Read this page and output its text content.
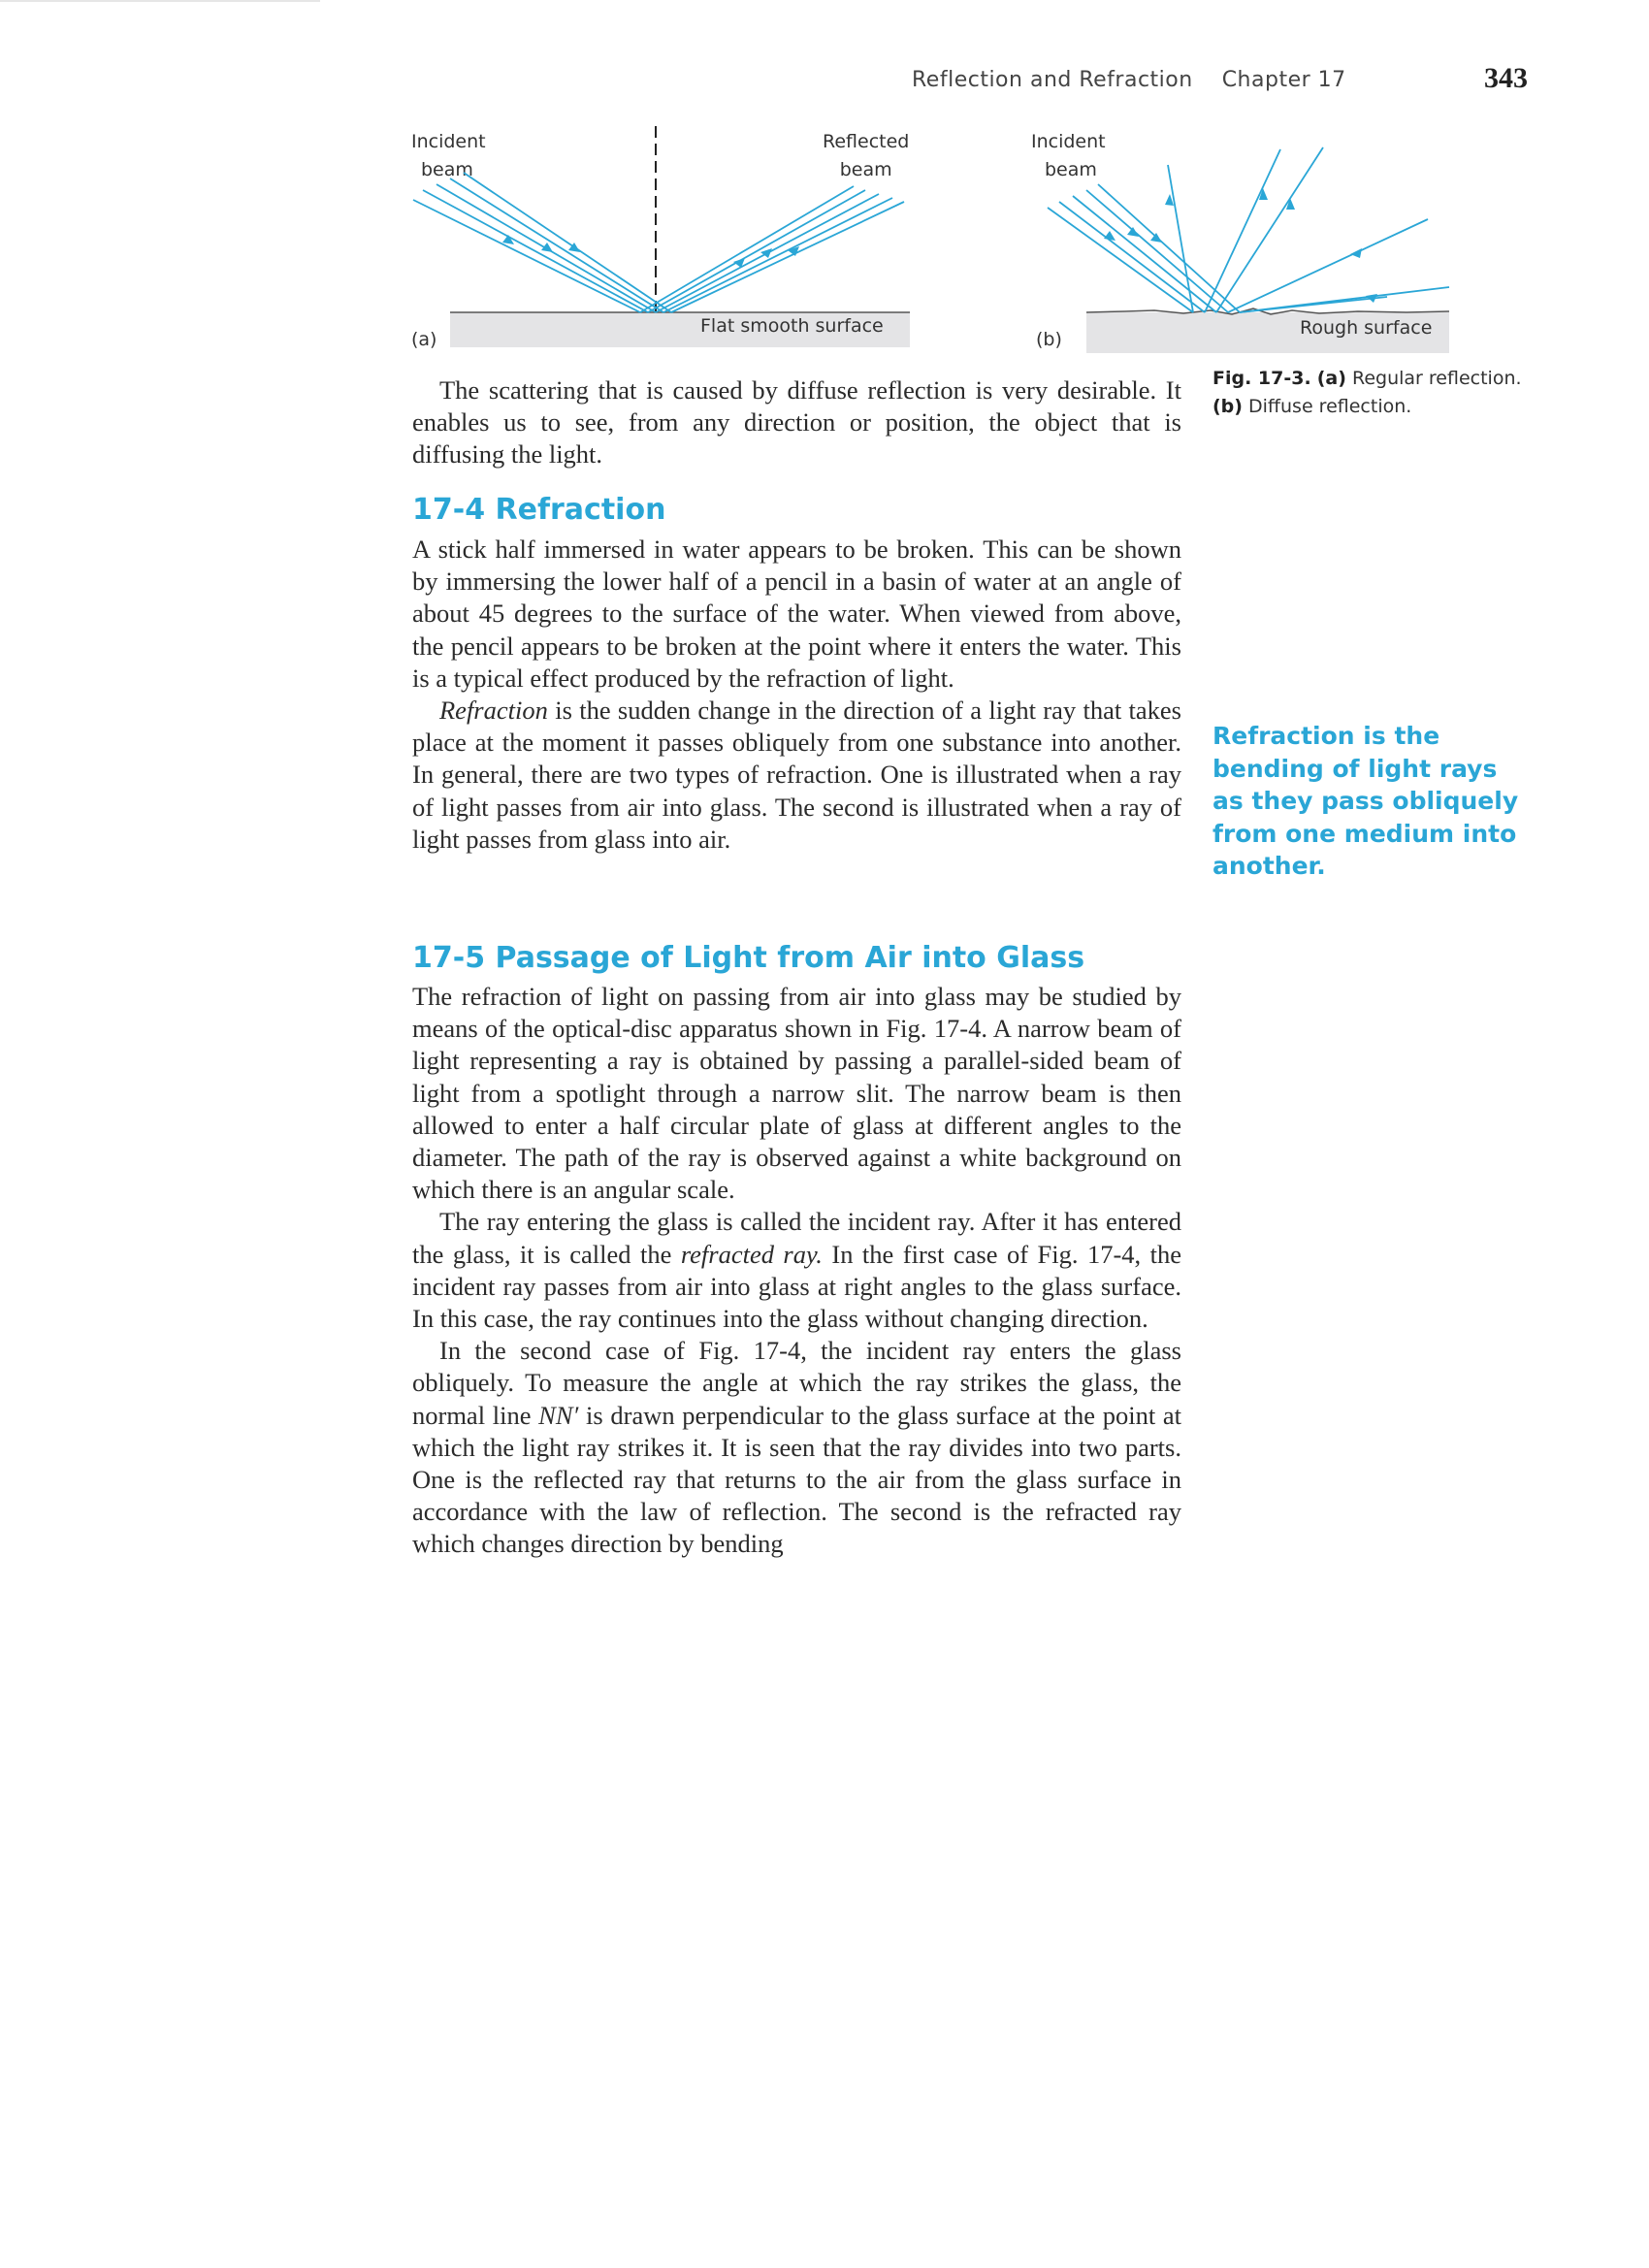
Reflection and Refraction Chapter 17	343
Incident
beam
Reflected
beam
(a)
Flat smooth surface
Incident
beam
(b)
Rough surface
Fig. 17-3. (a) Regular reflection.
(b) Diffuse reflection.

The scattering that is caused by diffuse reflection is very desirable. It enables us to see, from any direction or position, the object that is diffusing the light.

17-4 Refraction

A stick half immersed in water appears to be broken. This can be shown by immersing the lower half of a pencil in a basin of water at an angle of about 45 degrees to the surface of the water. When viewed from above, the pencil appears to be broken at the point where it enters the water. This is a typical effect produced by the refraction of light.

Refraction is the sudden change in the direction of a light ray that takes place at the moment it passes obliquely from one substance into another. In general, there are two types of refraction. One is illustrated when a ray of light passes from air into glass. The second is illustrated when a ray of light passes from glass into air.

Refraction is the bending of light rays as they pass obliquely from one medium into another.
17-5 Passage of Light from Air into Glass

The refraction of light on passing from air into glass may be studied by means of the optical-disc apparatus shown in Fig. 17-4. A narrow beam of light representing a ray is obtained by passing a parallel-sided beam of light from a spotlight through a narrow slit. The narrow beam is then allowed to enter a half circular plate of glass at different angles to the diameter. The path of the ray is observed against a white background on which there is an angular scale.

The ray entering the glass is called the incident ray. After it has entered the glass, it is called the refracted ray. In the first case of Fig. 17-4, the incident ray passes from air into glass at right angles to the glass surface. In this case, the ray continues into the glass without changing direction.

In the second case of Fig. 17-4, the incident ray enters the glass obliquely. To measure the angle at which the ray strikes the glass, the normal line NN′ is drawn perpendicular to the glass surface at the point at which the light ray strikes it. It is seen that the ray divides into two parts. One is the reflected ray that returns to the air from the glass surface in accordance with the law of reflection. The second is the refracted ray which changes direction by bending
